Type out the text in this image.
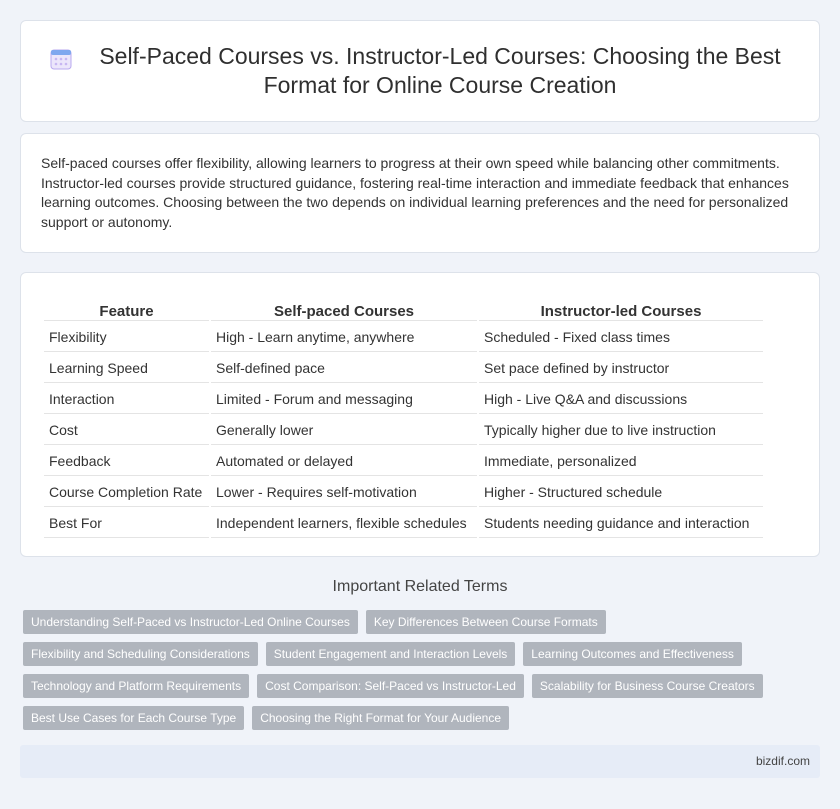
Self-Paced Courses vs. Instructor-Led Courses: Choosing the Best Format for Online Course Creation

Self-paced courses offer flexibility, allowing learners to progress at their own speed while balancing other commitments. Instructor-led courses provide structured guidance, fostering real-time interaction and immediate feedback that enhances learning outcomes. Choosing between the two depends on individual learning preferences and the need for personalized support or autonomy.

Feature	Self-paced Courses	Instructor-led Courses
Flexibility	High - Learn anytime, anywhere	Scheduled - Fixed class times
Learning Speed	Self-defined pace	Set pace defined by instructor
Interaction	Limited - Forum and messaging	High - Live Q&A and discussions
Cost	Generally lower	Typically higher due to live instruction
Feedback	Automated or delayed	Immediate, personalized
Course Completion Rate	Lower - Requires self-motivation	Higher - Structured schedule
Best For	Independent learners, flexible schedules	Students needing guidance and interaction
Important Related Terms
Understanding Self-Paced vs Instructor-Led Online Courses	Key Differences Between Course Formats
Flexibility and Scheduling Considerations	Student Engagement and Interaction Levels	Learning Outcomes and Effectiveness
Technology and Platform Requirements	Cost Comparison: Self-Paced vs Instructor-Led	Scalability for Business Course Creators
Best Use Cases for Each Course Type	Choosing the Right Format for Your Audience
bizdif.com
